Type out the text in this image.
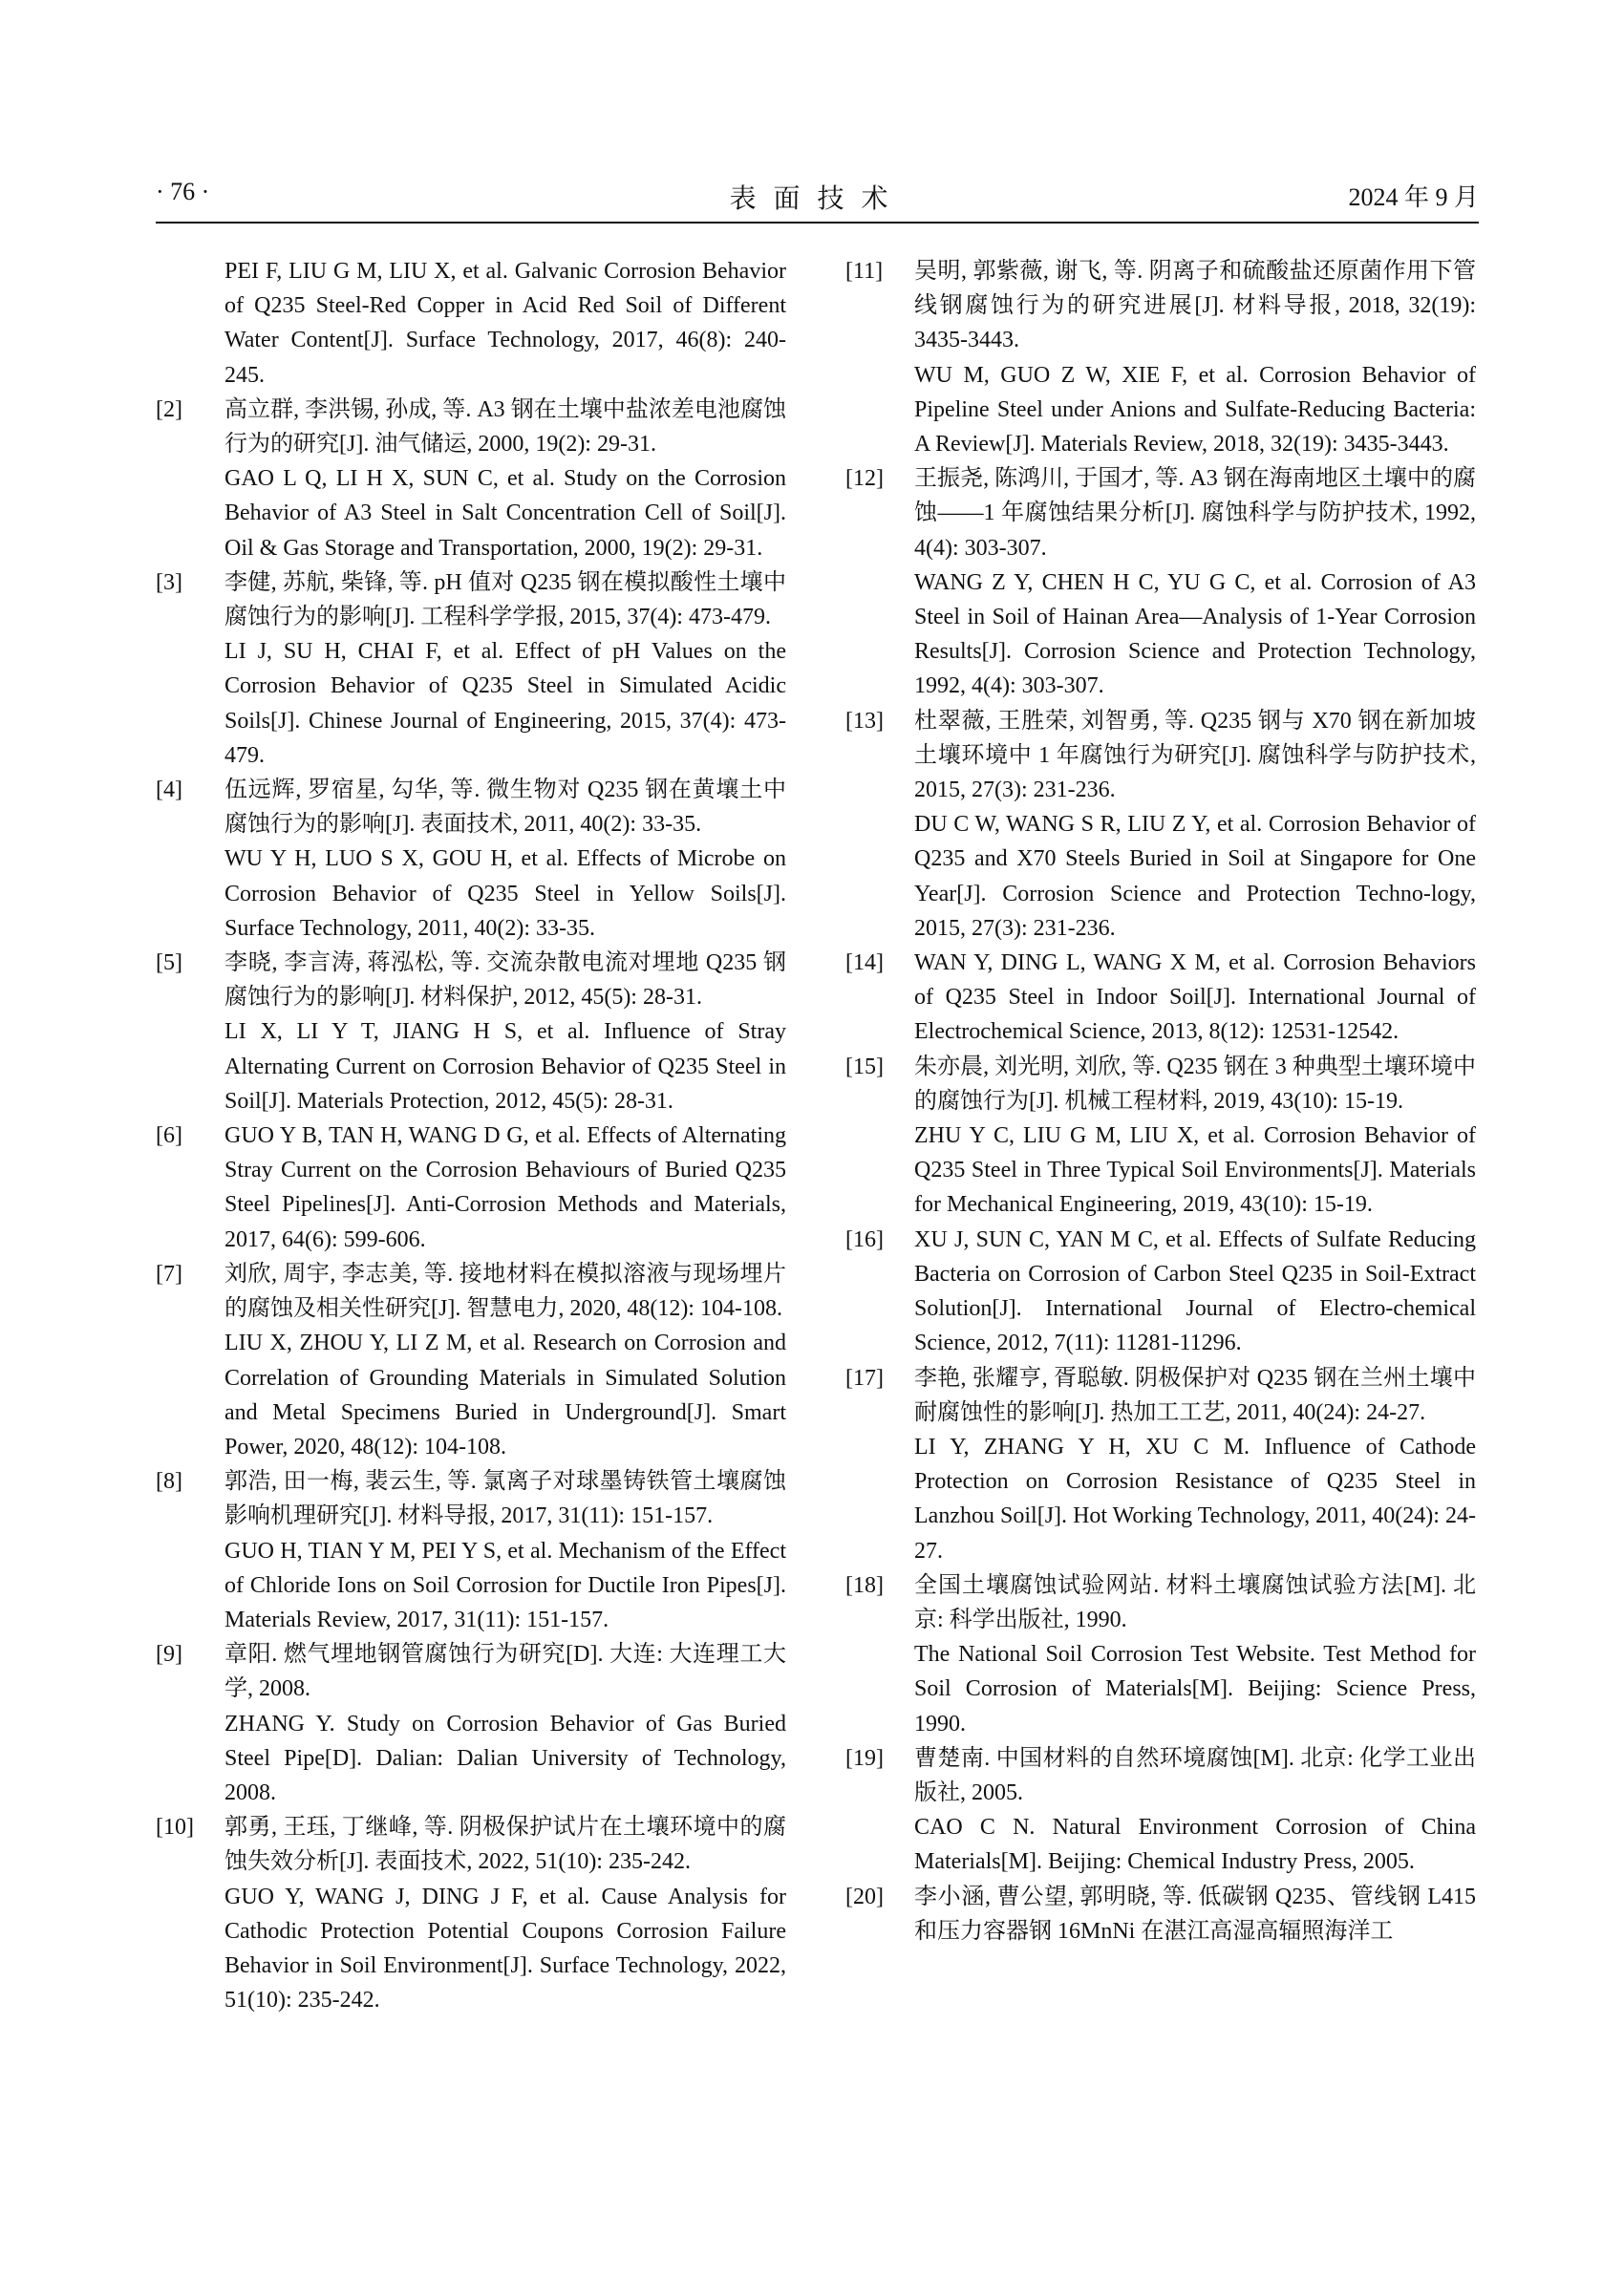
表面技术
· 76 ·	2024 年 9 月
PEI F, LIU G M, LIU X, et al. Galvanic Corrosion Behavior of Q235 Steel-Red Copper in Acid Red Soil of Different Water Content[J]. Surface Technology, 2017, 46(8): 240-245.
[2] 高立群, 李洪锡, 孙成, 等. A3 钢在土壤中盐浓差电池腐蚀行为的研究[J]. 油气储运, 2000, 19(2): 29-31.
GAO L Q, LI H X, SUN C, et al. Study on the Corrosion Behavior of A3 Steel in Salt Concentration Cell of Soil[J]. Oil & Gas Storage and Transportation, 2000, 19(2): 29-31.
[3] 李健, 苏航, 柴锋, 等. pH 值对 Q235 钢在模拟酸性土壤中腐蚀行为的影响[J]. 工程科学学报, 2015, 37(4): 473-479.
LI J, SU H, CHAI F, et al. Effect of pH Values on the Corrosion Behavior of Q235 Steel in Simulated Acidic Soils[J]. Chinese Journal of Engineering, 2015, 37(4): 473-479.
[4] 伍远辉, 罗宿星, 勾华, 等. 微生物对 Q235 钢在黄壤土中腐蚀行为的影响[J]. 表面技术, 2011, 40(2): 33-35.
WU Y H, LUO S X, GOU H, et al. Effects of Microbe on Corrosion Behavior of Q235 Steel in Yellow Soils[J]. Surface Technology, 2011, 40(2): 33-35.
[5] 李晓, 李言涛, 蒋泓松, 等. 交流杂散电流对埋地 Q235 钢腐蚀行为的影响[J]. 材料保护, 2012, 45(5): 28-31.
LI X, LI Y T, JIANG H S, et al. Influence of Stray Alternating Current on Corrosion Behavior of Q235 Steel in Soil[J]. Materials Protection, 2012, 45(5): 28-31.
[6] GUO Y B, TAN H, WANG D G, et al. Effects of Alternating Stray Current on the Corrosion Behaviours of Buried Q235 Steel Pipelines[J]. Anti-Corrosion Methods and Materials, 2017, 64(6): 599-606.
[7] 刘欣, 周宇, 李志美, 等. 接地材料在模拟溶液与现场埋片的腐蚀及相关性研究[J]. 智慧电力, 2020, 48(12): 104-108.
LIU X, ZHOU Y, LI Z M, et al. Research on Corrosion and Correlation of Grounding Materials in Simulated Solution and Metal Specimens Buried in Underground[J]. Smart Power, 2020, 48(12): 104-108.
[8] 郭浩, 田一梅, 裴云生, 等. 氯离子对球墨铸铁管土壤腐蚀影响机理研究[J]. 材料导报, 2017, 31(11): 151-157.
GUO H, TIAN Y M, PEI Y S, et al. Mechanism of the Effect of Chloride Ions on Soil Corrosion for Ductile Iron Pipes[J]. Materials Review, 2017, 31(11): 151-157.
[9] 章阳. 燃气埋地钢管腐蚀行为研究[D]. 大连: 大连理工大学, 2008.
ZHANG Y. Study on Corrosion Behavior of Gas Buried Steel Pipe[D]. Dalian: Dalian University of Technology, 2008.
[10] 郭勇, 王珏, 丁继峰, 等. 阴极保护试片在土壤环境中的腐蚀失效分析[J]. 表面技术, 2022, 51(10): 235-242.
GUO Y, WANG J, DING J F, et al. Cause Analysis for Cathodic Protection Potential Coupons Corrosion Failure Behavior in Soil Environment[J]. Surface Technology, 2022, 51(10): 235-242.
[11] 吴明, 郭紫薇, 谢飞, 等. 阴离子和硫酸盐还原菌作用下管线钢腐蚀行为的研究进展[J]. 材料导报, 2018, 32(19): 3435-3443.
WU M, GUO Z W, XIE F, et al. Corrosion Behavior of Pipeline Steel under Anions and Sulfate-Reducing Bacteria: A Review[J]. Materials Review, 2018, 32(19): 3435-3443.
[12] 王振尧, 陈鸿川, 于国才, 等. A3 钢在海南地区土壤中的腐蚀——1 年腐蚀结果分析[J]. 腐蚀科学与防护技术, 1992, 4(4): 303-307.
WANG Z Y, CHEN H C, YU G C, et al. Corrosion of A3 Steel in Soil of Hainan Area—Analysis of 1-Year Corrosion Results[J]. Corrosion Science and Protection Technology, 1992, 4(4): 303-307.
[13] 杜翠薇, 王胜荣, 刘智勇, 等. Q235 钢与 X70 钢在新加坡土壤环境中 1 年腐蚀行为研究[J]. 腐蚀科学与防护技术, 2015, 27(3): 231-236.
DU C W, WANG S R, LIU Z Y, et al. Corrosion Behavior of Q235 and X70 Steels Buried in Soil at Singapore for One Year[J]. Corrosion Science and Protection Techno-logy, 2015, 27(3): 231-236.
[14] WAN Y, DING L, WANG X M, et al. Corrosion Behaviors of Q235 Steel in Indoor Soil[J]. International Journal of Electrochemical Science, 2013, 8(12): 12531-12542.
[15] 朱亦晨, 刘光明, 刘欣, 等. Q235 钢在 3 种典型土壤环境中的腐蚀行为[J]. 机械工程材料, 2019, 43(10): 15-19.
ZHU Y C, LIU G M, LIU X, et al. Corrosion Behavior of Q235 Steel in Three Typical Soil Environments[J]. Materials for Mechanical Engineering, 2019, 43(10): 15-19.
[16] XU J, SUN C, YAN M C, et al. Effects of Sulfate Reducing Bacteria on Corrosion of Carbon Steel Q235 in Soil-Extract Solution[J]. International Journal of Electro-chemical Science, 2012, 7(11): 11281-11296.
[17] 李艳, 张耀亨, 胥聪敏. 阴极保护对 Q235 钢在兰州土壤中耐腐蚀性的影响[J]. 热加工工艺, 2011, 40(24): 24-27.
LI Y, ZHANG Y H, XU C M. Influence of Cathode Protection on Corrosion Resistance of Q235 Steel in Lanzhou Soil[J]. Hot Working Technology, 2011, 40(24): 24-27.
[18] 全国土壤腐蚀试验网站. 材料土壤腐蚀试验方法[M]. 北京: 科学出版社, 1990.
The National Soil Corrosion Test Website. Test Method for Soil Corrosion of Materials[M]. Beijing: Science Press, 1990.
[19] 曹楚南. 中国材料的自然环境腐蚀[M]. 北京: 化学工业出版社, 2005.
CAO C N. Natural Environment Corrosion of China Materials[M]. Beijing: Chemical Industry Press, 2005.
[20] 李小涵, 曹公望, 郭明晓, 等. 低碳钢 Q235、管线钢 L415 和压力容器钢 16MnNi 在湛江高湿高辐照海洋工
